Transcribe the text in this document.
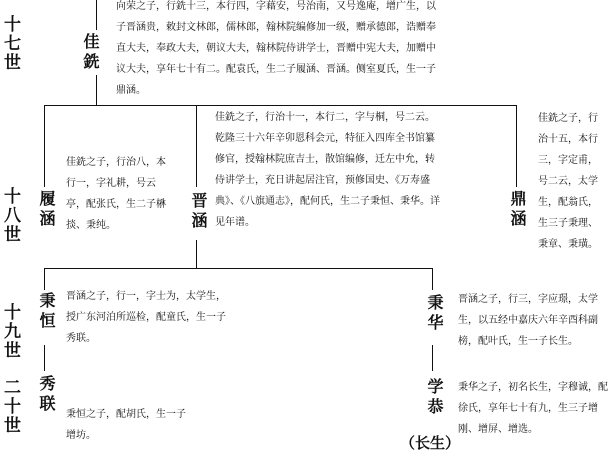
十七世
十八世
十九世
二十世
佳銑
向荣之子，行銑十三，本行四，字藉安，号治南，又号逸庵，增广生，以子晋涵贵，敕封文林郎，儒林郎，翰林院编修加一级，赠承德郎，诰赠奉直大夫，奉政大夫，朝议大夫，翰林院侍讲学士，晋赠中宪大夫，加赠中议大夫，享年七十有二。配袁氏，生二子履涵、晋涵。侧室夏氏，生一子鼎涵。
履涵
佳銑之子，行治八，本行一，字礼耕，号云亭，配张氏，生二子楙掞、秉纯。	晋涵
佳銑之子，行治十一，本行二，字与桐，号二云。乾隆三十六年辛卯恩科会元，特征入四库全书馆纂修官，授翰林院庶吉士，散馆编修，迁左中允，转侍讲学士，充日讲起居注官，预修国史、《万寿盛典》、《八旗通志》，配何氏，生二子秉恒、秉华。详见年谱。	鼎涵
佳銑之子，行治十五，本行三，字定甫，号二云，太学生，配翁氏，生三子秉理、秉章、秉璜。
秉恒 晋涵之子，行一，字士为，太学生，授广东河泊所巡检，配童氏，生一子秀联。
秉华 晋涵之子，行三，字应璟，太学生，以五经中嘉庆六年辛酉科副榜，配叶氏，生一子长生。
秀联 秉恒之子，配胡氏，生一子增坊。
学恭
（长生）
秉华之子，初名长生，字穆诚，配徐氏，享年七十有九，生三子增刚、增屏、增选。
